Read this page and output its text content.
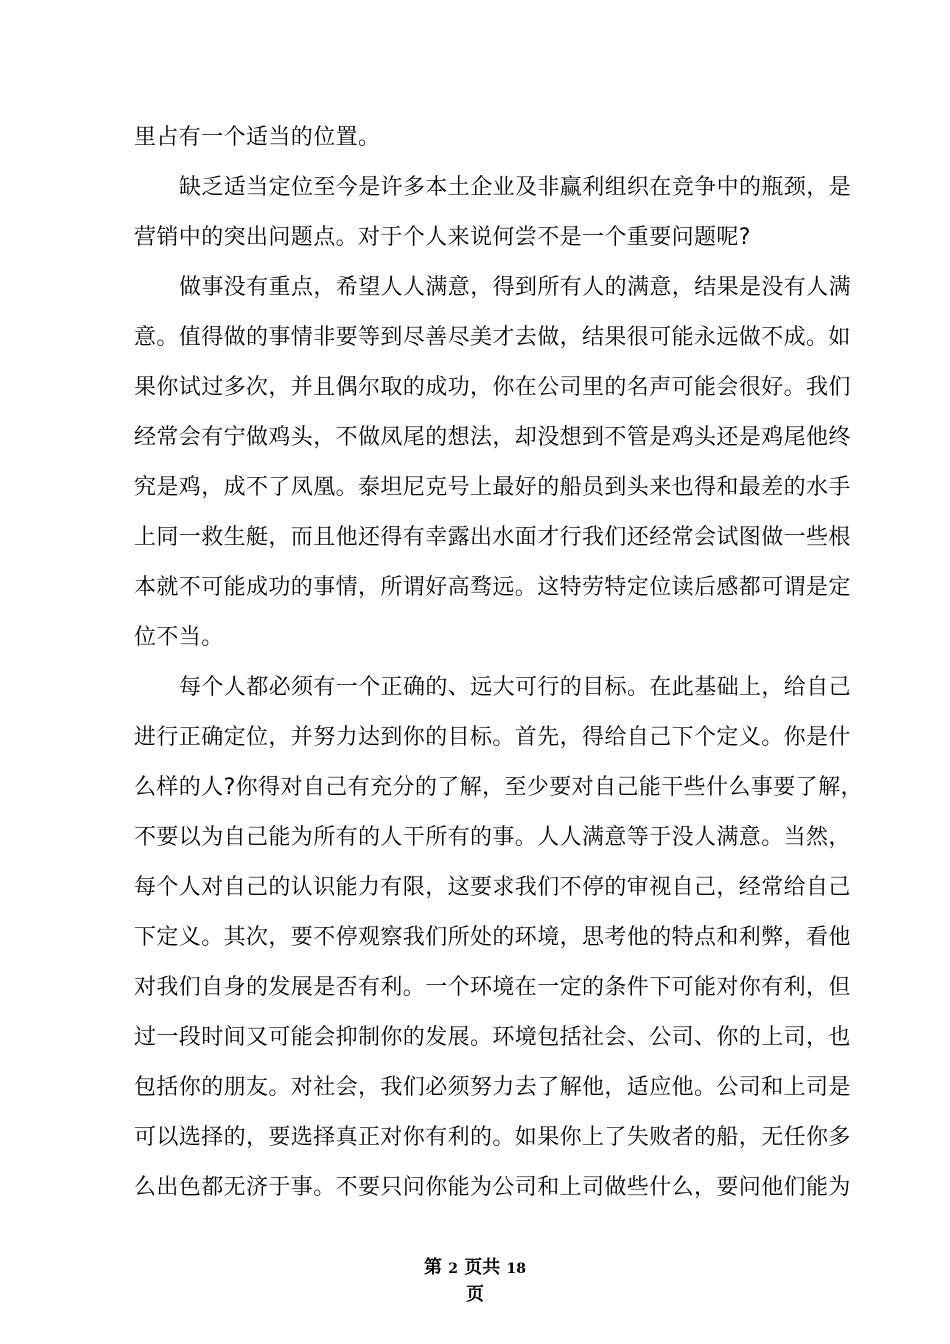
里占有一个适当的位置。
缺乏适当定位至今是许多本土企业及非赢利组织在竞争中的瓶颈，是
营销中的突出问题点。对于个人来说何尝不是一个重要问题呢?
做事没有重点，希望人人满意，得到所有人的满意，结果是没有人满
意。值得做的事情非要等到尽善尽美才去做，结果很可能永远做不成。如
果你试过多次，并且偶尔取的成功，你在公司里的名声可能会很好。我们
经常会有宁做鸡头，不做凤尾的想法，却没想到不管是鸡头还是鸡尾他终
究是鸡，成不了凤凰。泰坦尼克号上最好的船员到头来也得和最差的水手
上同一救生艇，而且他还得有幸露出水面才行我们还经常会试图做一些根
本就不可能成功的事情，所谓好高骛远。这特劳特定位读后感都可谓是定
位不当。
每个人都必须有一个正确的、远大可行的目标。在此基础上，给自己
进行正确定位，并努力达到你的目标。首先，得给自己下个定义。你是什
么样的人?你得对自己有充分的了解，至少要对自己能干些什么事要了解，
不要以为自己能为所有的人干所有的事。人人满意等于没人满意。当然，
每个人对自己的认识能力有限，这要求我们不停的审视自己，经常给自己
下定义。其次，要不停观察我们所处的环境，思考他的特点和利弊，看他
对我们自身的发展是否有利。一个环境在一定的条件下可能对你有利，但
过一段时间又可能会抑制你的发展。环境包括社会、公司、你的上司，也
包括你的朋友。对社会，我们必须努力去了解他，适应他。公司和上司是
可以选择的，要选择真正对你有利的。如果你上了失败者的船，无任你多
么出色都无济于事。不要只问你能为公司和上司做些什么，要问他们能为
第 2 页共 18
页
